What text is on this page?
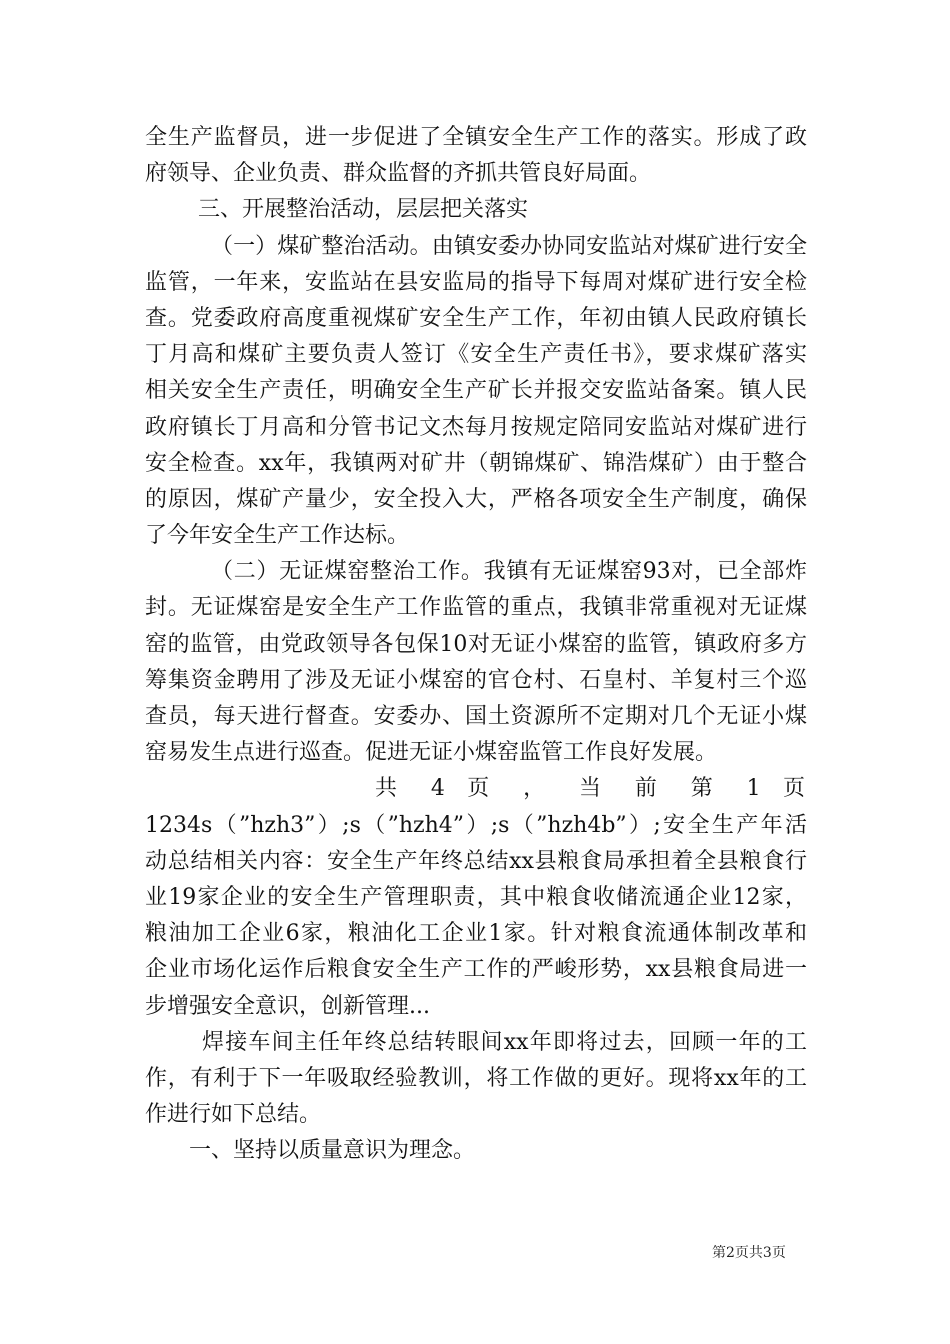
全生产监督员，进一步促进了全镇安全生产工作的落实。形成了政
府领导、企业负责、群众监督的齐抓共管良好局面。
三、开展整治活动，层层把关落实
（一）煤矿整治活动。由镇安委办协同安监站对煤矿进行安全
监管，一年来，安监站在县安监局的指导下每周对煤矿进行安全检
查。党委政府高度重视煤矿安全生产工作，年初由镇人民政府镇长
丁月高和煤矿主要负责人签订《安全生产责任书》，要求煤矿落实
相关安全生产责任，明确安全生产矿长并报交安监站备案。镇人民
政府镇长丁月高和分管书记文杰每月按规定陪同安监站对煤矿进行
安全检查。xx年，我镇两对矿井（朝锦煤矿、锦浩煤矿）由于整合
的原因，煤矿产量少，安全投入大，严格各项安全生产制度，确保
了今年安全生产工作达标。
（二）无证煤窑整治工作。我镇有无证煤窑93对，已全部炸
封。无证煤窑是安全生产工作监管的重点，我镇非常重视对无证煤
窑的监管，由党政领导各包保10对无证小煤窑的监管，镇政府多方
筹集资金聘用了涉及无证小煤窑的官仓村、石皇村、羊复村三个巡
查员，每天进行督查。安委办、国土资源所不定期对几个无证小煤
窑易发生点进行巡查。促进无证小煤窑监管工作良好发展。
共 4 页 ， 当 前 第 1 页
1234s（”hzh3”）;s（”hzh4”）;s（”hzh4b”）;安全生产年活
动总结相关内容：安全生产年终总结xx县粮食局承担着全县粮食行
业19家企业的安全生产管理职责，其中粮食收储流通企业12家，
粮油加工企业6家，粮油化工企业1家。针对粮食流通体制改革和
企业市场化运作后粮食安全生产工作的严峻形势，xx县粮食局进一
步增强安全意识，创新管理...
焊接车间主任年终总结转眼间xx年即将过去，回顾一年的工
作，有利于下一年吸取经验教训，将工作做的更好。现将xx年的工
作进行如下总结。
一、坚持以质量意识为理念。
第2页共3页
